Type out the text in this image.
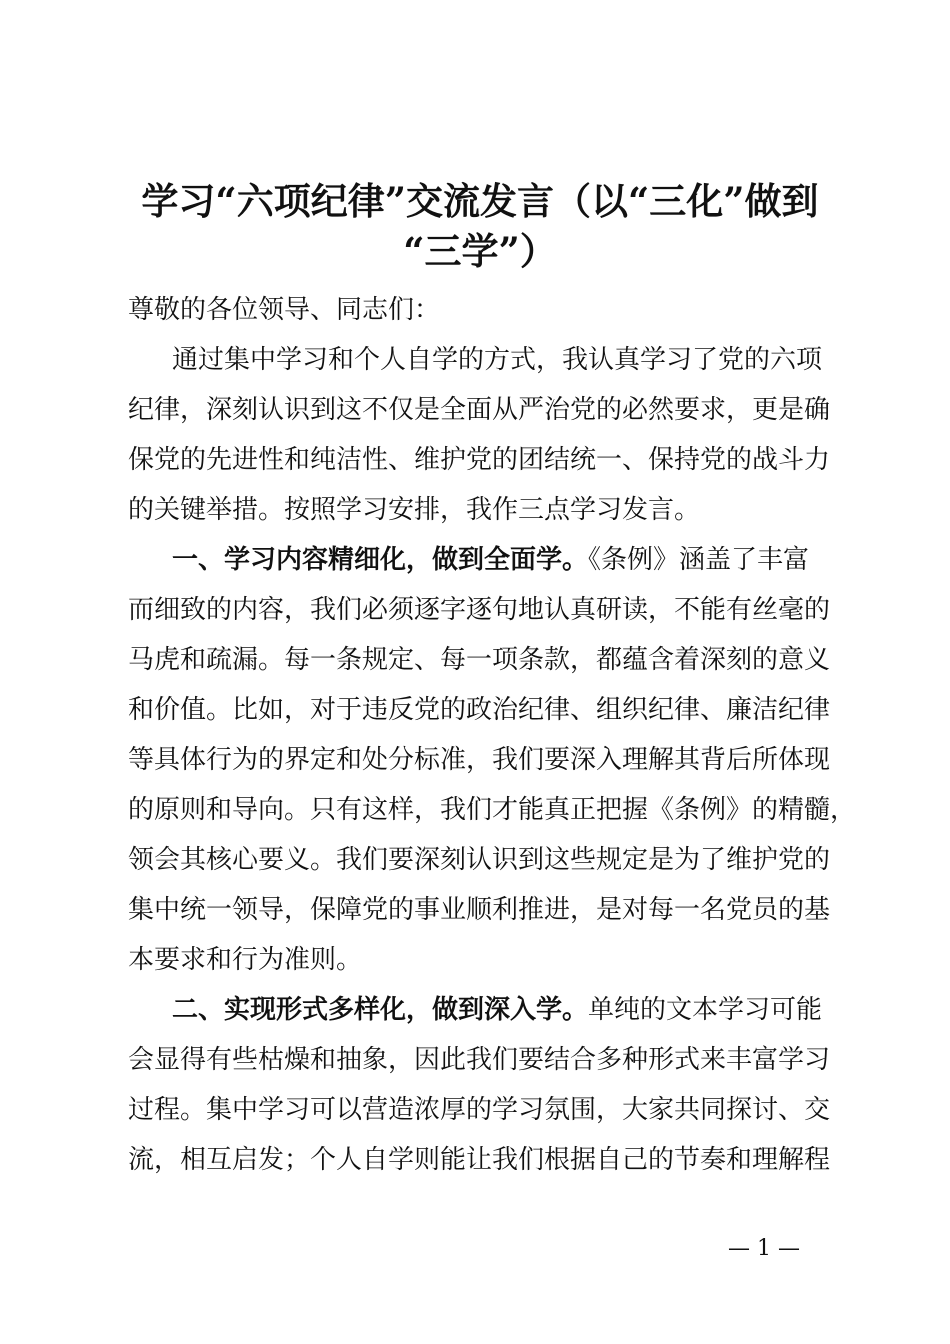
学习“六项纪律”交流发言（以“三化”做到
“三学”）
尊敬的各位领导、同志们：
通过集中学习和个人自学的方式，我认真学习了党的六项
纪律，深刻认识到这不仅是全面从严治党的必然要求，更是确
保党的先进性和纯洁性、维护党的团结统一、保持党的战斗力
的关键举措。按照学习安排，我作三点学习发言。
一、学习内容精细化，做到全面学。《条例》涵盖了丰富
而细致的内容，我们必须逐字逐句地认真研读，不能有丝毫的
马虎和疏漏。每一条规定、每一项条款，都蕴含着深刻的意义
和价值。比如，对于违反党的政治纪律、组织纪律、廉洁纪律
等具体行为的界定和处分标准，我们要深入理解其背后所体现
的原则和导向。只有这样，我们才能真正把握《条例》的精髓，
领会其核心要义。我们要深刻认识到这些规定是为了维护党的
集中统一领导，保障党的事业顺利推进，是对每一名党员的基
本要求和行为准则。
二、实现形式多样化，做到深入学。单纯的文本学习可能
会显得有些枯燥和抽象，因此我们要结合多种形式来丰富学习
过程。集中学习可以营造浓厚的学习氛围，大家共同探讨、交
流，相互启发；个人自学则能让我们根据自己的节奏和理解程
— 1 —
